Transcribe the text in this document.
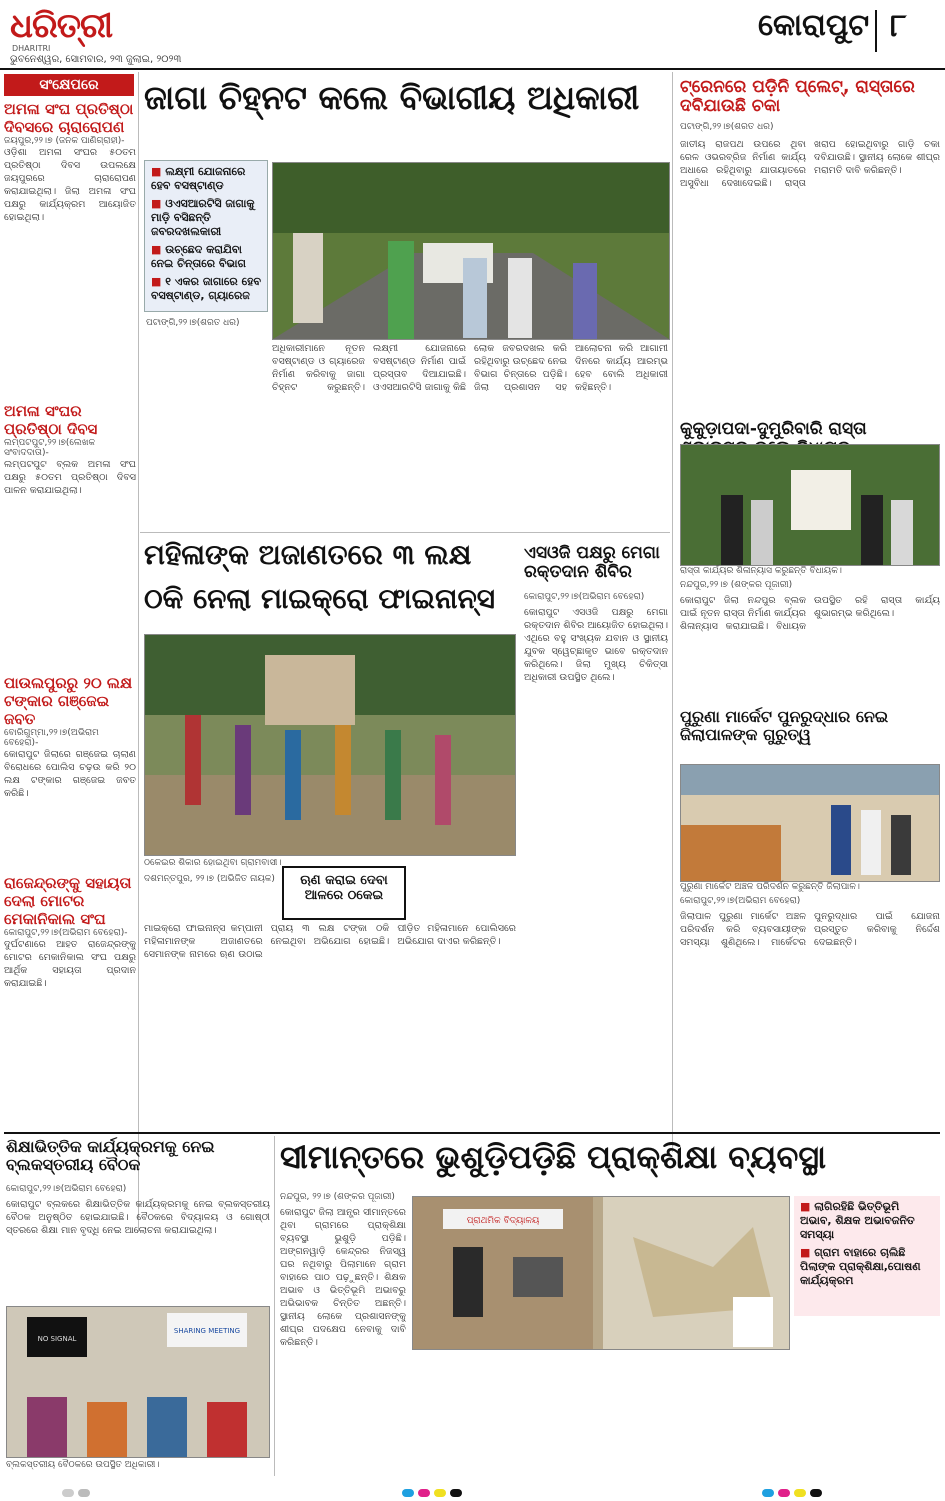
ଧରିତ୍ରୀ
DHARITRI
ଭୁବନେଶ୍ୱର, ସୋମବାର, ୨୩ ଜୁଲାଇ, ୨୦୨୩
କୋରାପୁଟ ୮
ସଂକ୍ଷେପରେ
ଅମଳା ସଂଘ ପ୍ରତିଷ୍ଠା ଦିବସରେ ଚାରାରୋପଣ
ଜୟପୁର,୨୨।୭ (ଜନକ ପାଣିଗ୍ରାହୀ)-
ଓଡ଼ିଶା ଅମଳା ସଂଘର ୫୦ତମ ପ୍ରତିଷ୍ଠା ଦିବସ ଉପଲକ୍ଷେ ଜୟପୁରରେ ଚାରାରୋପଣ କରାଯାଇଥିଲା। ଜିଲା ଅମଳା ସଂଘ ପକ୍ଷରୁ କାର୍ଯ୍ୟକ୍ରମ ଆୟୋଜିତ ହୋଇଥିଲା।
ଅମଳା ସଂଘର ପ୍ରତିଷ୍ଠା ଦିବସ
ଲମ୍ପଟପୁଟ,୨୨।୭(ଲେଖକ ସଂବାଦଦାତା)-
ଲମ୍ପଟପୁଟ ବ୍ଲକ ଅମଳା ସଂଘ ପକ୍ଷରୁ ୫୦ତମ ପ୍ରତିଷ୍ଠା ଦିବସ ପାଳନ କରାଯାଇଥିଲା।
ପାଉଲପୁରରୁ ୨୦ ଲକ୍ଷ ଟଙ୍କାର ଗଞ୍ଜେଇ ଜବତ
ବୋରିଗୁମ୍ମା,୨୨।୭(ଅଭିରାମ ବେହେରା)-
କୋରାପୁଟ ଜିଲାରେ ଗଞ୍ଜେଇ ଚାଲାଣ ବିରୋଧରେ ପୋଲିସ ଚଢ଼ଉ କରି ୨୦ ଲକ୍ଷ ଟଙ୍କାର ଗଞ୍ଜେଇ ଜବତ କରିଛି।
ରାଜେନ୍ଦ୍ରଙ୍କୁ ସହାୟତା ଦେଲା ମୋଟର ମେକାନିକାଲ ସଂଘ
କୋରାପୁଟ,୨୨।୭(ଅଭିରାମ ବେହେରା)-
ଦୁର୍ଘଟଣାରେ ଆହତ ରାଜେନ୍ଦ୍ରଙ୍କୁ ମୋଟର ମେକାନିକାଲ ସଂଘ ପକ୍ଷରୁ ଆର୍ଥିକ ସହାୟତା ପ୍ରଦାନ କରାଯାଇଛି।
ଜାଗା ଚିହ୍ନଟ କଲେ ବିଭାଗୀୟ ଅଧିକାରୀ
■ ଲକ୍ଷ୍ମୀ ଯୋଜନାରେ ହେବ ବସଷ୍ଟାଣ୍ଡ
■ ଓଏସଆରଟିସି ଜାଗାକୁ ମାଡ଼ି ବସିଛନ୍ତି ଜବରଦଖଲକାରୀ
■ ଉଚ୍ଛେଦ କରାଯିବା ନେଇ ଚିନ୍ତାରେ ବିଭାଗ
■ ୧ ଏକର ଜାଗାରେ ହେବ ବସଷ୍ଟାଣ୍ଡ, ଗ୍ୟାରେଜ
ପଟାଙ୍ଗି,୨୨।୭(ଶରତ ଧର)
ଅଧିକାରୀମାନେ ନୂତନ ବସଷ୍ଟାଣ୍ଡ ଓ ଗ୍ୟାରେଜ ନିର୍ମାଣ କରିବାକୁ ଜାଗା ଚିହ୍ନଟ କରୁଛନ୍ତି। ଲକ୍ଷ୍ମୀ ଯୋଜନାରେ ବସଷ୍ଟାଣ୍ଡ ନିର୍ମାଣ ପାଇଁ ପ୍ରସ୍ତାବ ଦିଆଯାଇଛି। ଓଏସଆରଟିସି ଜାଗାକୁ କିଛି ଲୋକ ଜବରଦଖଲ କରି ରହିଥିବାରୁ ଉଚ୍ଛେଦ ନେଇ ବିଭାଗ ଚିନ୍ତାରେ ପଡ଼ିଛି। ଜିଲା ପ୍ରଶାସନ ସହ ଆଲୋଚନା କରି ଆଗାମୀ ଦିନରେ କାର୍ଯ୍ୟ ଆରମ୍ଭ ହେବ ବୋଲି ଅଧିକାରୀ କହିଛନ୍ତି।
ଟ୍ରେନରେ ପଡ଼ିନି ପ୍ଲେଟ୍, ରାସ୍ତାରେ ଦବିଯାଉଛି ଚକା
ପଟାଙ୍ଗି,୨୨।୭(ଶରତ ଧର)
ଜାତୀୟ ରାଜପଥ ଉପରେ ଥିବା ରେଳ ଓଭରବ୍ରିଜ ନିର୍ମାଣ କାର୍ଯ୍ୟ ଅଧାରେ ରହିଥିବାରୁ ଯାତାୟାତରେ ଅସୁବିଧା ଦେଖାଦେଇଛି। ରାସ୍ତା ଖରାପ ହୋଇଥିବାରୁ ଗାଡ଼ି ଚକା ଦବିଯାଉଛି। ସ୍ଥାନୀୟ ଲୋକେ ଶୀଘ୍ର ମରାମତି ଦାବି କରିଛନ୍ତି।
କୁକୁଡ଼ାପଦା-ଦୁମୁରିବାରି ରାସ୍ତା
ରାସ୍ତା କାର୍ଯ୍ୟର ଶିଳାନ୍ୟାସ କରୁଛନ୍ତି ବିଧାୟକ।
ନନ୍ଦପୁର,୨୨।୭ (ଶଙ୍କର ପୂଜାରୀ)
କୋରାପୁଟ ଜିଲା ନନ୍ଦପୁର ବ୍ଲକ ପାଇଁ ନୂତନ ରାସ୍ତା ନିର୍ମାଣ କାର୍ଯ୍ୟର ଶିଳାନ୍ୟାସ କରାଯାଇଛି। ବିଧାୟକ ଉପସ୍ଥିତ ରହି ରାସ୍ତା କାର୍ଯ୍ୟ ଶୁଭାରମ୍ଭ କରିଥିଲେ।
ମହିଳାଙ୍କ ଅଜାଣତରେ ୩ ଲକ୍ଷ
ଠକି ନେଲା ମାଇକ୍ରୋ ଫାଇନାନ୍ସ
ଠକେଇର ଶିକାର ହୋଇଥିବା ଗ୍ରାମବାସୀ।
ଦଶମନ୍ତପୁର, ୨୨।୭ (ଅଭିଜିତ ନାୟକ)	ଋଣ କରାଇ ଦେବା ଆଳରେ ଠକେଇ
ମାଇକ୍ରୋ ଫାଇନାନ୍ସ କମ୍ପାନୀ ମହିଳାମାନଙ୍କ ଅଜାଣତରେ ସେମାନଙ୍କ ନାମରେ ଋଣ ଉଠାଇ ପ୍ରାୟ ୩ ଲକ୍ଷ ଟଙ୍କା ଠକି ନେଇଥିବା ଅଭିଯୋଗ ହୋଇଛି। ପୀଡ଼ିତ ମହିଳାମାନେ ପୋଲିସରେ ଅଭିଯୋଗ ଦାଏର କରିଛନ୍ତି।
ଏସଓଜି ପକ୍ଷରୁ ମେଗା ରକ୍ତଦାନ ଶିବିର
କୋରାପୁଟ,୨୨।୭(ଅଭିରାମ ବେହେରା)
କୋରାପୁଟ ଏସଓଜି ପକ୍ଷରୁ ମେଗା ରକ୍ତଦାନ ଶିବିର ଆୟୋଜିତ ହୋଇଥିଲା। ଏଥିରେ ବହୁ ସଂଖ୍ୟକ ଯବାନ ଓ ସ୍ଥାନୀୟ ଯୁବକ ସ୍ୱେଚ୍ଛାକୃତ ଭାବେ ରକ୍ତଦାନ କରିଥିଲେ। ଜିଲା ମୁଖ୍ୟ ଚିକିତ୍ସା ଅଧିକାରୀ ଉପସ୍ଥିତ ଥିଲେ।
ପୁରୁଣା ମାର୍କେଟ ପୁନରୁଦ୍ଧାର ନେଇ ଜିଲାପାଳଙ୍କ ଗୁରୁତ୍ୱ
ପୁରୁଣା ମାର୍କେଟ ଅଞ୍ଚଳ ପରିଦର୍ଶନ କରୁଛନ୍ତି ଜିଲାପାଳ।
କୋରାପୁଟ,୨୨।୭(ଅଭିରାମ ବେହେରା)
ଜିଲାପାଳ ପୁରୁଣା ମାର୍କେଟ ଅଞ୍ଚଳ ପରିଦର୍ଶନ କରି ବ୍ୟବସାୟୀଙ୍କ ସମସ୍ୟା ଶୁଣିଥିଲେ। ମାର୍କେଟର ପୁନରୁଦ୍ଧାର ପାଇଁ ଯୋଜନା ପ୍ରସ୍ତୁତ କରିବାକୁ ନିର୍ଦ୍ଦେଶ ଦେଇଛନ୍ତି।
ଶିକ୍ଷାଭିତ୍ତିକ କାର୍ଯ୍ୟକ୍ରମକୁ ନେଇ ବ୍ଲକସ୍ତରୀୟ ବୈଠକ
କୋରାପୁଟ,୨୨।୭(ଅଭିରାମ ବେହେରା)
କୋରାପୁଟ ବ୍ଲକରେ ଶିକ୍ଷାଭିତ୍ତିକ କାର୍ଯ୍ୟକ୍ରମକୁ ନେଇ ବ୍ଲକସ୍ତରୀୟ ବୈଠକ ଅନୁଷ୍ଠିତ ହୋଇଯାଇଛି। ବୈଠକରେ ବିଦ୍ୟାଳୟ ଓ ଗୋଷ୍ଠୀ ସ୍ତରରେ ଶିକ୍ଷା ମାନ ବୃଦ୍ଧି ନେଇ ଆଲୋଚନା କରାଯାଇଥିଲା।
NO SIGNAL
SHARING MEETING
ବ୍ଲକସ୍ତରୀୟ ବୈଠକରେ ଉପସ୍ଥିତ ଅଧିକାରୀ।
ସୀମାନ୍ତରେ ଭୁଶୁଡ଼ିପଡ଼ିଛି ପ୍ରାକ୍‌ଶିକ୍ଷା ବ୍ୟବସ୍ଥା
ନନ୍ଦପୁର, ୨୨।୭ (ଶଙ୍କର ପୂଜାରୀ)
କୋରାପୁଟ ଜିଲା ଆନ୍ଧ୍ର ସୀମାନ୍ତରେ ଥିବା ଗ୍ରାମରେ ପ୍ରାକ୍‌ଶିକ୍ଷା ବ୍ୟବସ୍ଥା ଭୁଶୁଡ଼ି ପଡ଼ିଛି। ଅଙ୍ଗନୱାଡ଼ି କେନ୍ଦ୍ରର ନିଜସ୍ୱ ଘର ନଥିବାରୁ ପିଲାମାନେ ଗ୍ରାମ ବାହାରେ ପାଠ ପଢ଼ୁଛନ୍ତି। ଶିକ୍ଷକ ଅଭାବ ଓ ଭିତ୍ତିଭୂମି ଅଭାବରୁ ଅଭିଭାବକ ଚିନ୍ତିତ ଅଛନ୍ତି। ସ୍ଥାନୀୟ ଲୋକେ ପ୍ରଶାସନଙ୍କୁ ଶୀଘ୍ର ପଦକ୍ଷେପ ନେବାକୁ ଦାବି କରିଛନ୍ତି।
ପ୍ରାଥମିକ ବିଦ୍ୟାଳୟ
■ ଲାଗିରହିଛି ଭିତ୍ତିଭୂମି ଅଭାବ, ଶିକ୍ଷକ ଅଭାବଜନିତ ସମସ୍ୟା
■ ଗ୍ରାମ ବାହାରେ ଚାଲିଛି ପିଲାଙ୍କ ପ୍ରାକ୍‌ଶିକ୍ଷା,ପୋଷଣ କାର୍ଯ୍ୟକ୍ରମ
